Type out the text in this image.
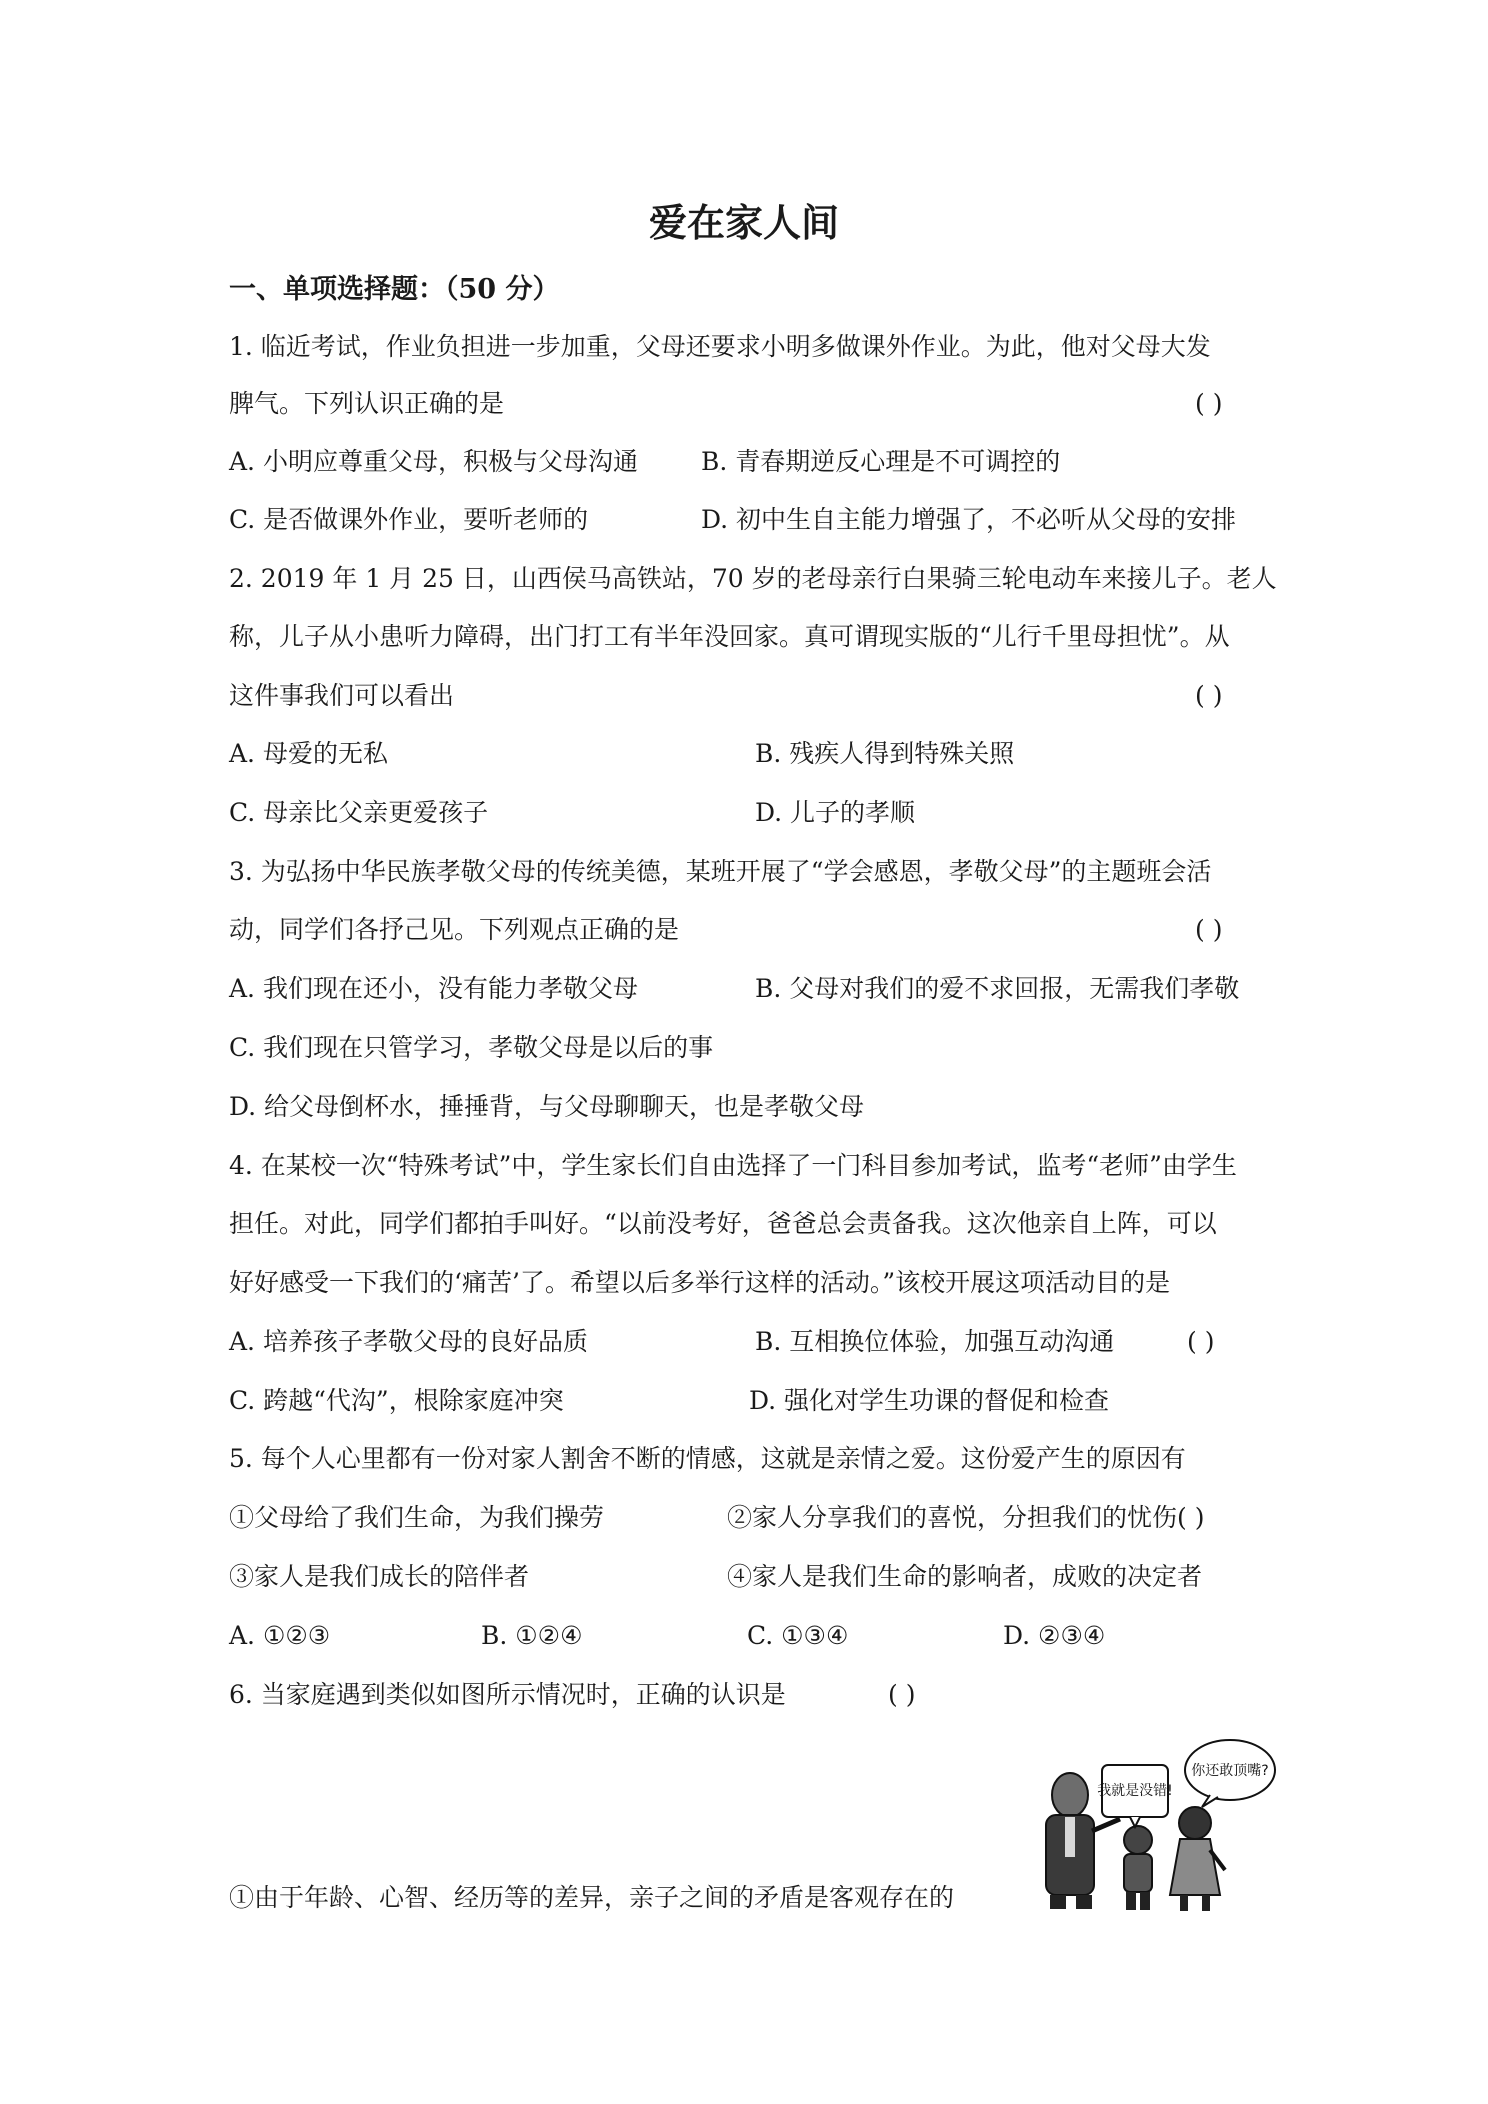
爱在家人间
一、单项选择题：（50 分）
1. 临近考试，作业负担进一步加重，父母还要求小明多做课外作业。为此，他对父母大发
脾气。下列认识正确的是	( )
A. 小明应尊重父母，积极与父母沟通	B. 青春期逆反心理是不可调控的
C. 是否做课外作业，要听老师的	D. 初中生自主能力增强了，不必听从父母的安排
2. 2019 年 1 月 25 日，山西侯马高铁站，70 岁的老母亲行白果骑三轮电动车来接儿子。老人
称，儿子从小患听力障碍，出门打工有半年没回家。真可谓现实版的“儿行千里母担忧”。从
这件事我们可以看出	( )
A. 母爱的无私	B. 残疾人得到特殊关照
C. 母亲比父亲更爱孩子	D. 儿子的孝顺
3. 为弘扬中华民族孝敬父母的传统美德，某班开展了“学会感恩，孝敬父母”的主题班会活
动，同学们各抒己见。下列观点正确的是	( )
A. 我们现在还小，没有能力孝敬父母	B. 父母对我们的爱不求回报，无需我们孝敬
C. 我们现在只管学习，孝敬父母是以后的事
D. 给父母倒杯水，捶捶背，与父母聊聊天，也是孝敬父母
4. 在某校一次“特殊考试”中，学生家长们自由选择了一门科目参加考试，监考“老师”由学生
担任。对此，同学们都拍手叫好。“以前没考好，爸爸总会责备我。这次他亲自上阵，可以
好好感受一下我们的‘痛苦’了。希望以后多举行这样的活动。”该校开展这项活动目的是
A. 培养孩子孝敬父母的良好品质	B. 互相换位体验，加强互动沟通	( )
C. 跨越“代沟”，根除家庭冲突	D. 强化对学生功课的督促和检查
5. 每个人心里都有一份对家人割舍不断的情感，这就是亲情之爱。这份爱产生的原因有
①父母给了我们生命，为我们操劳	②家人分享我们的喜悦，分担我们的忧伤( )
③家人是我们成长的陪伴者	④家人是我们生命的影响者，成败的决定者
A. ①②③	B. ①②④	C. ①③④	D. ②③④
6. 当家庭遇到类似如图所示情况时，正确的认识是	( )
我就是没错!
你还敢顶嘴?
①由于年龄、心智、经历等的差异，亲子之间的矛盾是客观存在的
